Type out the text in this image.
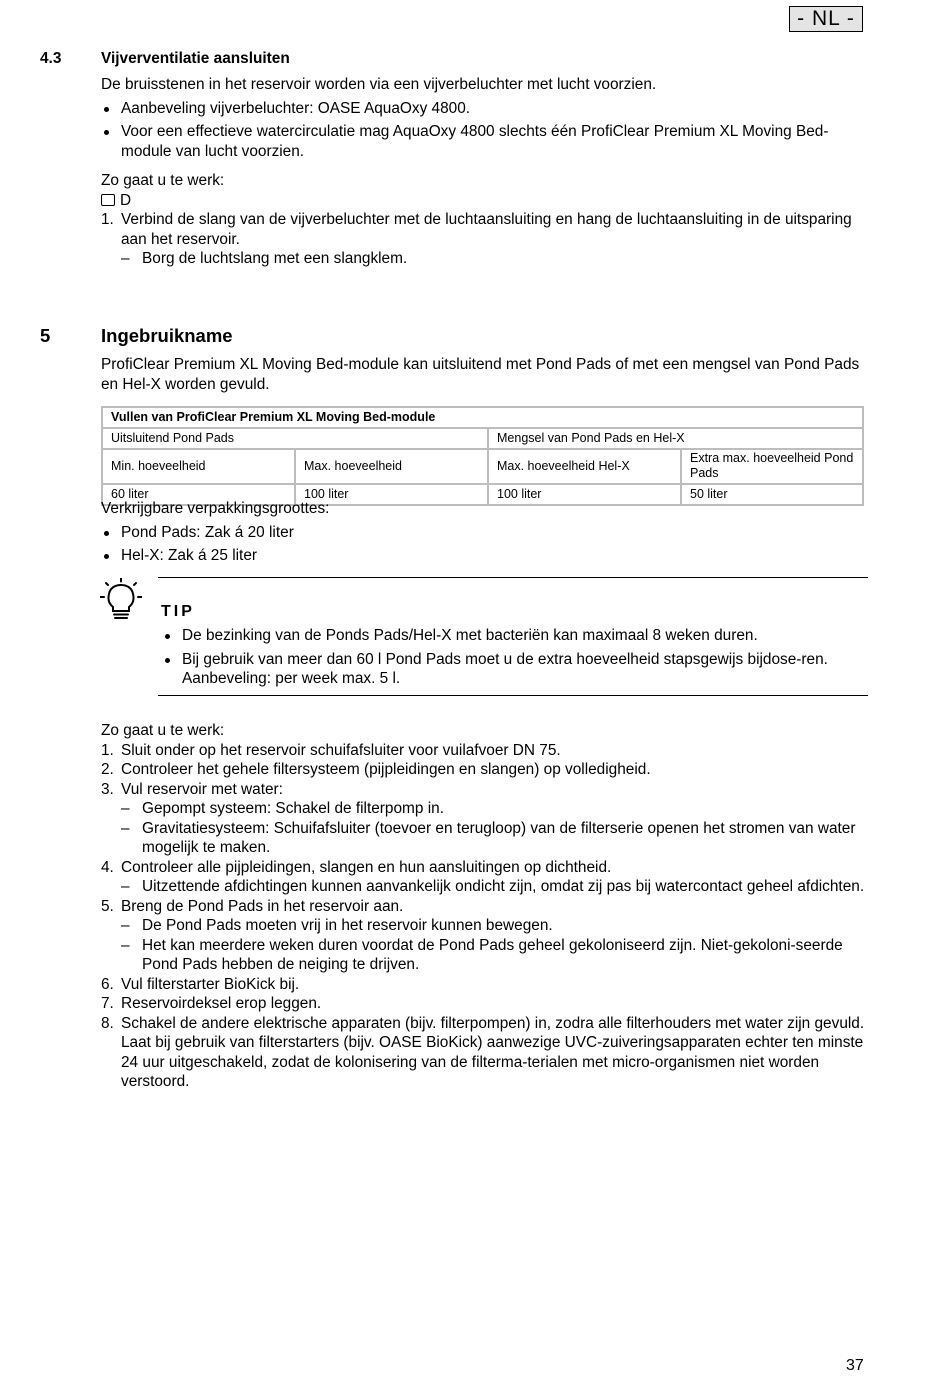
- NL -
4.3	Vijverventilatie aansluiten

De bruisstenen in het reservoir worden via een vijverbeluchter met lucht voorzien.

Aanbeveling vijverbeluchter: OASE AquaOxy 4800.
Voor een effectieve watercirculatie mag AquaOxy 4800 slechts één ProfiClear Premium XL Moving Bed-module van lucht voorzien.

Zo gaat u te werk:

D
1. Verbind de slang van de vijverbeluchter met de luchtaansluiting en hang de luchtaansluiting in de uitsparing aan het reservoir.
– Borg de luchtslang met een slangklem.
5	Ingebruikname

ProfiClear Premium XL Moving Bed-module kan uitsluitend met Pond Pads of met een mengsel van Pond Pads en Hel-X worden gevuld.

Vullen van ProfiClear Premium XL Moving Bed-module			
Uitsluitend Pond Pads		Mengsel van Pond Pads en Hel-X	
Min. hoeveelheid	Max. hoeveelheid	Max. hoeveelheid Hel-X	Extra max. hoeveelheid Pond Pads
60 liter	100 liter	100 liter	50 liter

Verkrijgbare verpakkingsgroottes:

Pond Pads: Zak á 20 liter
Hel-X: Zak á 25 liter
TIP
De bezinking van de Ponds Pads/Hel-X met bacteriën kan maximaal 8 weken duren.
Bij gebruik van meer dan 60 l Pond Pads moet u de extra hoeveelheid stapsgewijs bijdose-ren. Aanbeveling: per week max. 5 l.

Zo gaat u te werk:

1. Sluit onder op het reservoir schuifafsluiter voor vuilafvoer DN 75.
2. Controleer het gehele filtersysteem (pijpleidingen en slangen) op volledigheid.
3. Vul reservoir met water:
– Gepompt systeem: Schakel de filterpomp in.
– Gravitatiesysteem: Schuifafsluiter (toevoer en terugloop) van de filterserie openen het stromen van water mogelijk te maken.
4. Controleer alle pijpleidingen, slangen en hun aansluitingen op dichtheid.
– Uitzettende afdichtingen kunnen aanvankelijk ondicht zijn, omdat zij pas bij watercontact geheel afdichten.
5. Breng de Pond Pads in het reservoir aan.
– De Pond Pads moeten vrij in het reservoir kunnen bewegen.
– Het kan meerdere weken duren voordat de Pond Pads geheel gekoloniseerd zijn. Niet-gekoloni-seerde Pond Pads hebben de neiging te drijven.
6. Vul filterstarter BioKick bij.
7. Reservoirdeksel erop leggen.
8. Schakel de andere elektrische apparaten (bijv. filterpompen) in, zodra alle filterhouders met water zijn gevuld. Laat bij gebruik van filterstarters (bijv. OASE BioKick) aanwezige UVC-zuiveringsapparaten echter ten minste 24 uur uitgeschakeld, zodat de kolonisering van de filterma-terialen met micro-organismen niet worden verstoord.
37
